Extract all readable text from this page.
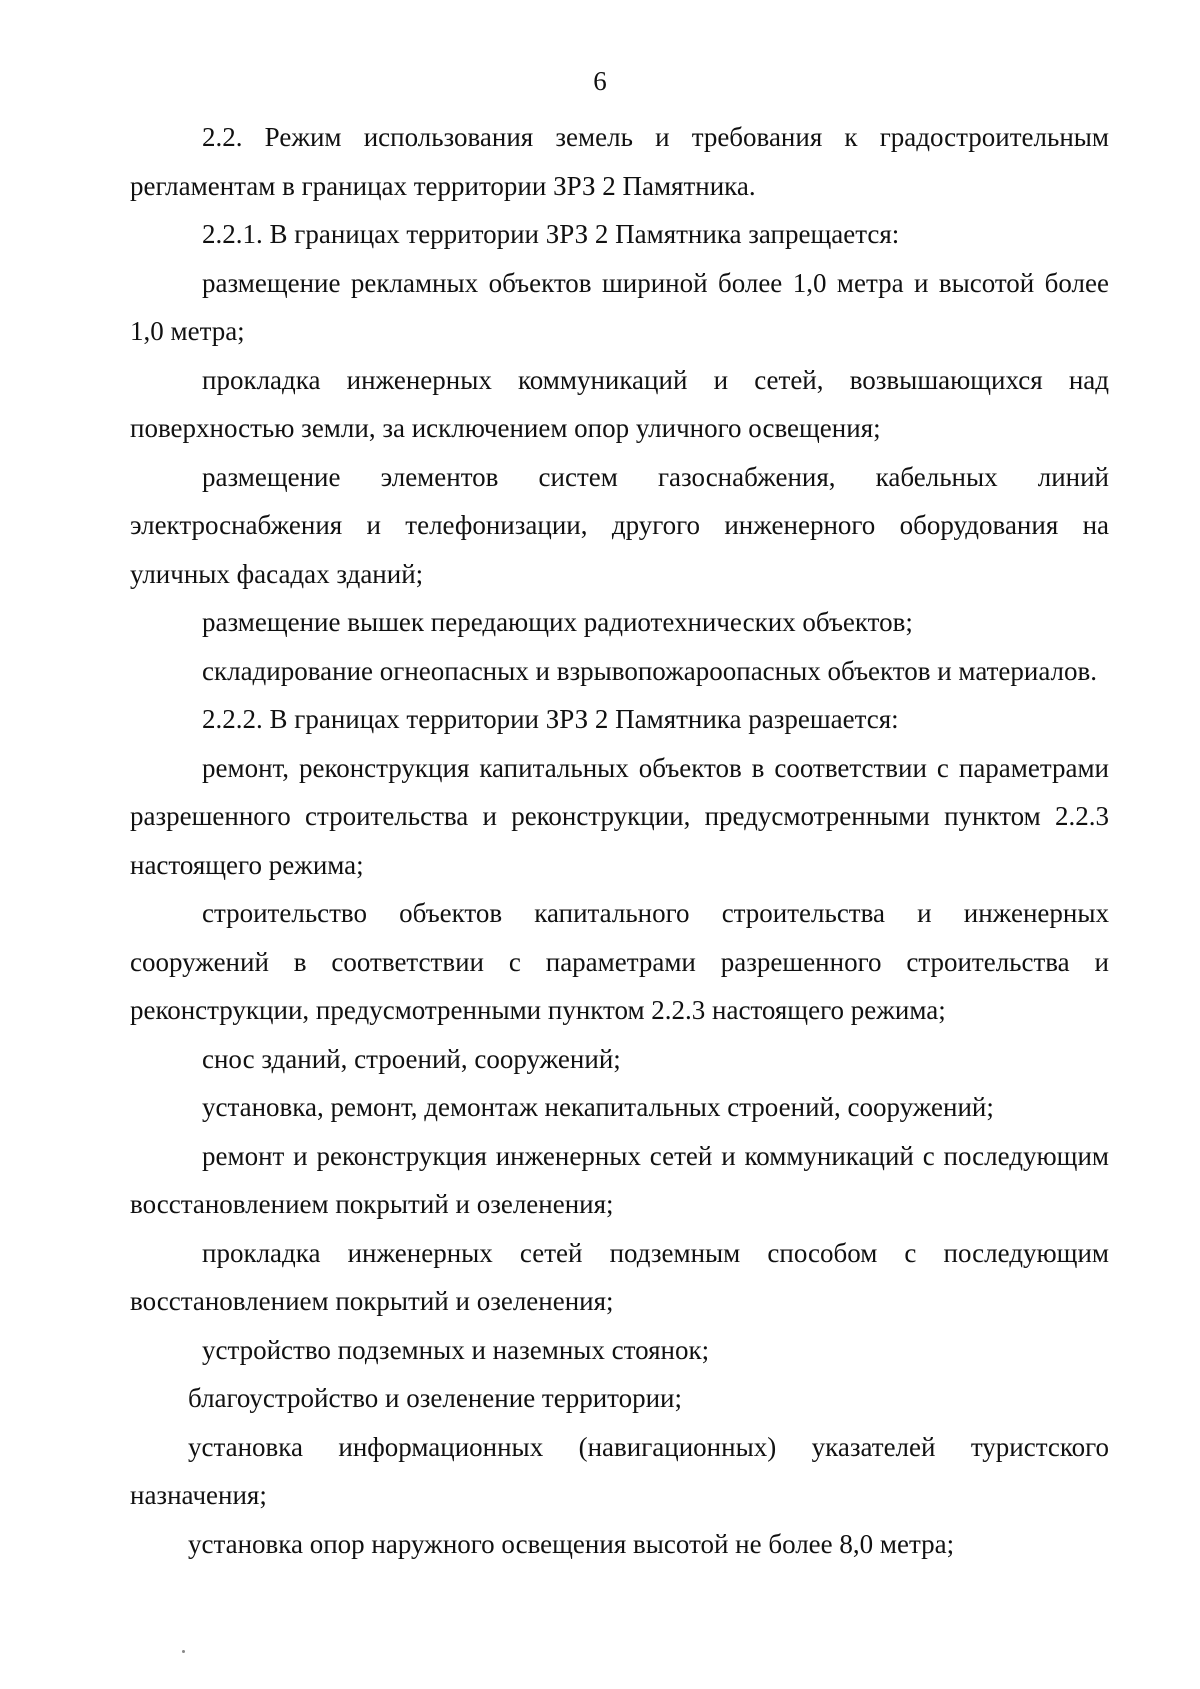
6

2.2. Режим использования земель и требования к градостроительным регламентам в границах территории ЗРЗ 2 Памятника.

2.2.1. В границах территории ЗРЗ 2 Памятника запрещается:

размещение рекламных объектов шириной более 1,0 метра и высотой более 1,0 метра;

прокладка инженерных коммуникаций и сетей, возвышающихся над поверхностью земли, за исключением опор уличного освещения;

размещение элементов систем газоснабжения, кабельных линий электроснабжения и телефонизации, другого инженерного оборудования на уличных фасадах зданий;

размещение вышек передающих радиотехнических объектов;

складирование огнеопасных и взрывопожароопасных объектов и материалов.

2.2.2. В границах территории ЗРЗ 2 Памятника разрешается:

ремонт, реконструкция капитальных объектов в соответствии с параметрами разрешенного строительства и реконструкции, предусмотренными пунктом 2.2.3 настоящего режима;

строительство объектов капитального строительства и инженерных сооружений в соответствии с параметрами разрешенного строительства и реконструкции, предусмотренными пунктом 2.2.3 настоящего режима;

снос зданий, строений, сооружений;

установка, ремонт, демонтаж некапитальных строений, сооружений;

ремонт и реконструкция инженерных сетей и коммуникаций с последующим восстановлением покрытий и озеленения;

прокладка инженерных сетей подземным способом с последующим восстановлением покрытий и озеленения;

устройство подземных и наземных стоянок;

благоустройство и озеленение территории;

установка информационных (навигационных) указателей туристского назначения;

установка опор наружного освещения высотой не более 8,0 метра;
